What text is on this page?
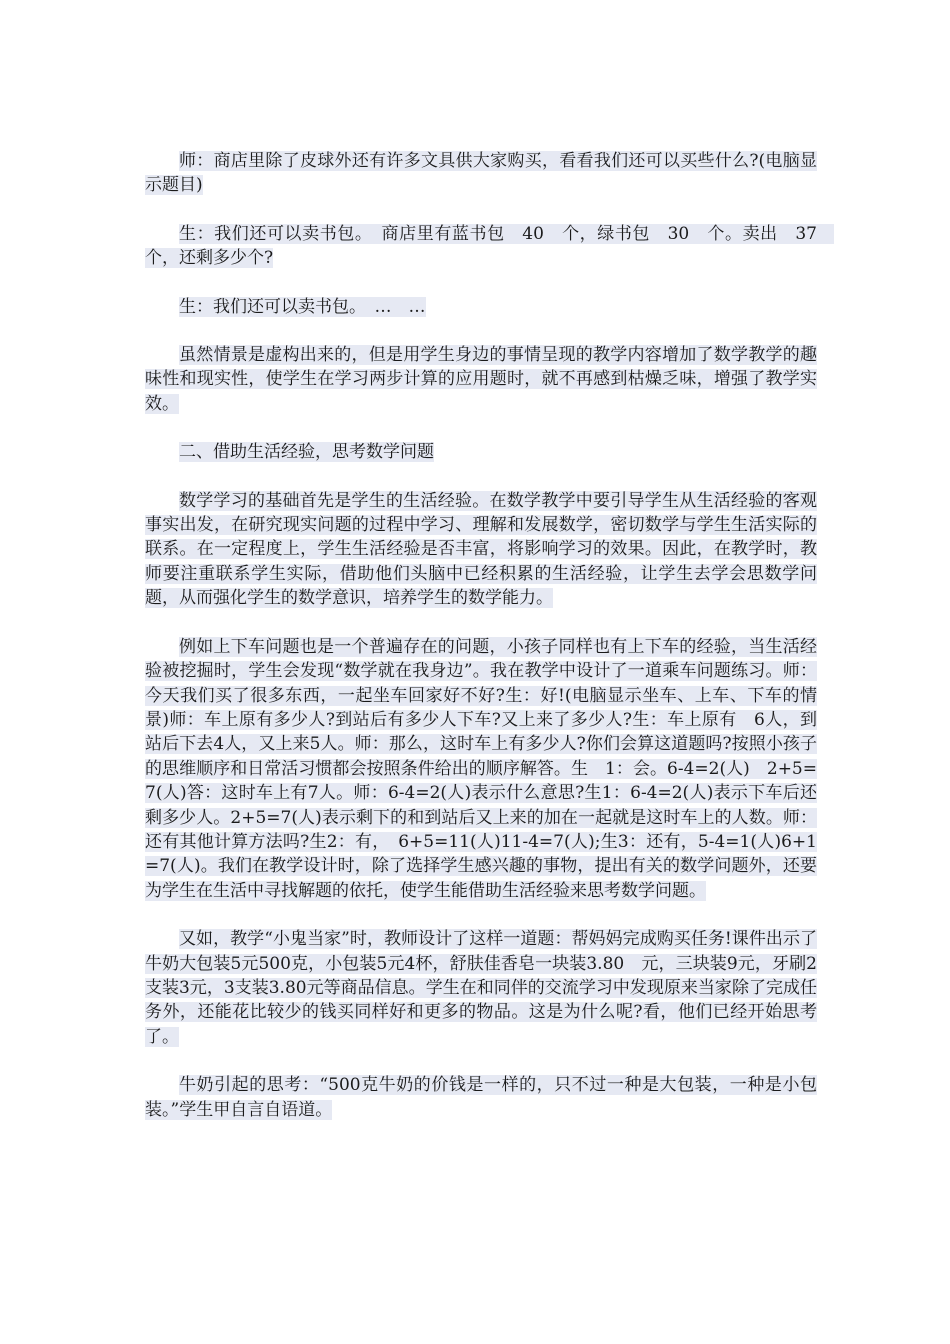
师：商店里除了皮球外还有许多文具供大家购买，看看我们还可以买些什么?(电脑显示题目)

生：我们还可以卖书包。　商店里有蓝书包　40　个，绿书包　30　个。卖出　37　个，还剩多少个?

生：我们还可以卖书包。　…　…

虽然情景是虚构出来的，但是用学生身边的事情呈现的教学内容增加了数学教学的趣味性和现实性，使学生在学习两步计算的应用题时，就不再感到枯燥乏味，增强了教学实效。

二、借助生活经验，思考数学问题

数学学习的基础首先是学生的生活经验。在数学教学中要引导学生从生活经验的客观事实出发，在研究现实问题的过程中学习、理解和发展数学，密切数学与学生生活实际的联系。在一定程度上，学生生活经验是否丰富，将影响学习的效果。因此，在教学时，教师要注重联系学生实际，借助他们头脑中已经积累的生活经验，让学生去学会思数学问题，从而强化学生的数学意识，培养学生的数学能力。

例如上下车问题也是一个普遍存在的问题，小孩子同样也有上下车的经验，当生活经验被挖掘时，学生会发现“数学就在我身边”。我在教学中设计了一道乘车问题练习。师：今天我们买了很多东西，一起坐车回家好不好?生：好!(电脑显示坐车、上车、下车的情景)师：车上原有多少人?到站后有多少人下车?又上来了多少人?生：车上原有　6人，到站后下去4人，又上来5人。师：那么，这时车上有多少人?你们会算这道题吗?按照小孩子的思维顺序和日常活习惯都会按照条件给出的顺序解答。生　1：会。6-4=2(人)　2+5=7(人)答：这时车上有7人。师：6-4=2(人)表示什么意思?生1：6-4=2(人)表示下车后还剩多少人。2+5=7(人)表示剩下的和到站后又上来的加在一起就是这时车上的人数。师：还有其他计算方法吗?生2：有，　6+5=11(人)11-4=7(人);生3：还有，5-4=1(人)6+1=7(人)。我们在教学设计时，除了选择学生感兴趣的事物，提出有关的数学问题外，还要为学生在生活中寻找解题的依托，使学生能借助生活经验来思考数学问题。

又如，教学“小鬼当家”时，教师设计了这样一道题：帮妈妈完成购买任务!课件出示了牛奶大包装5元500克，小包装5元4杯，舒肤佳香皂一块装3.80　元，三块装9元，牙刷2支装3元，3支装3.80元等商品信息。学生在和同伴的交流学习中发现原来当家除了完成任务外，还能花比较少的钱买同样好和更多的物品。这是为什么呢?看，他们已经开始思考了。

牛奶引起的思考：“500克牛奶的价钱是一样的，只不过一种是大包装，一种是小包装。”学生甲自言自语道。
